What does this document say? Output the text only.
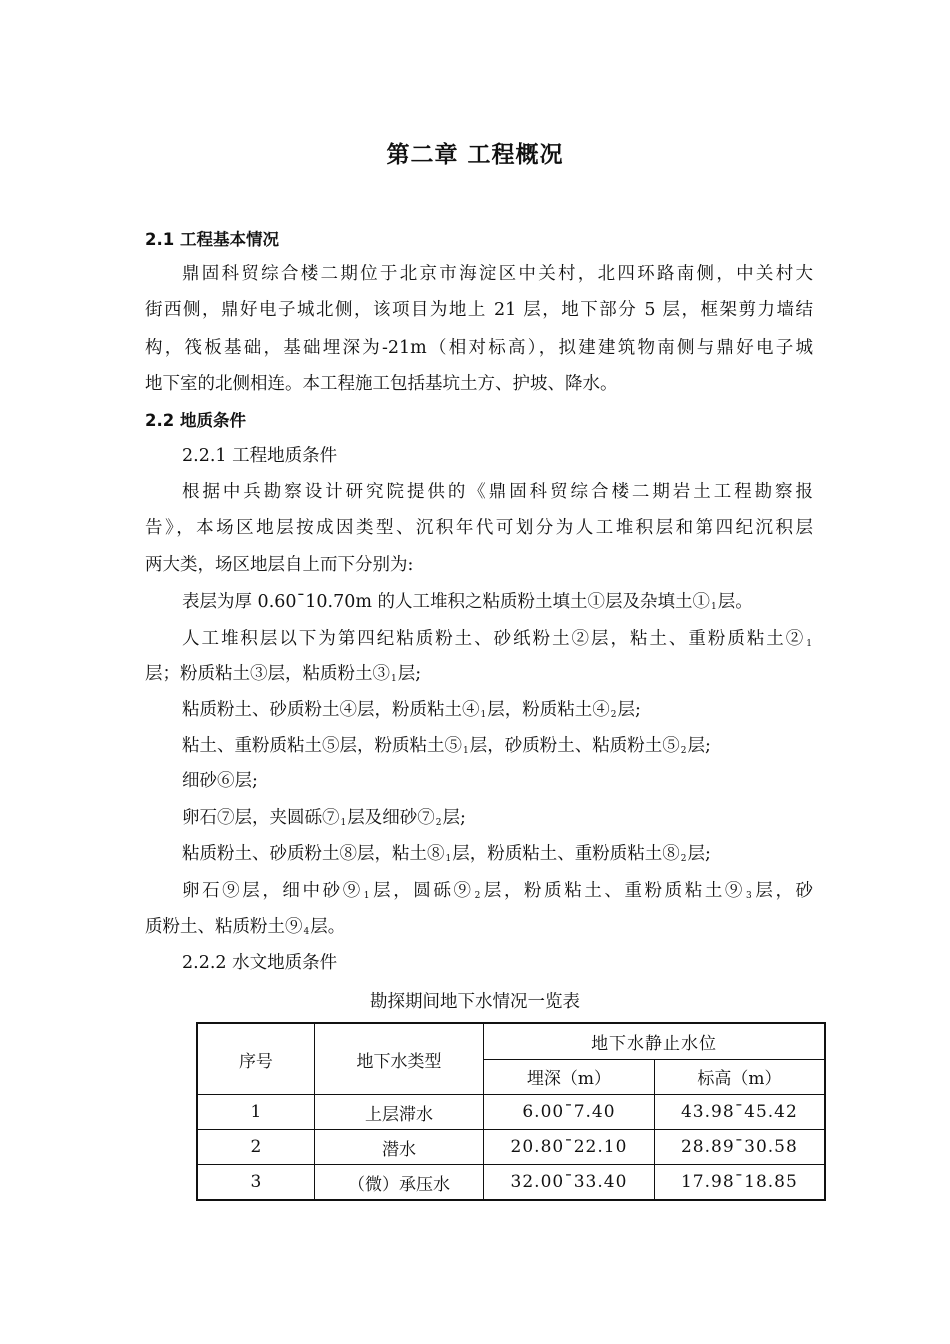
第二章 工程概况
2.1 工程基本情况
鼎固科贸综合楼二期位于北京市海淀区中关村，北四环路南侧，中关村大
街西侧，鼎好电子城北侧，该项目为地上 21 层，地下部分 5 层，框架剪力墙结
构，筏板基础，基础埋深为-21m（相对标高），拟建建筑物南侧与鼎好电子城
地下室的北侧相连。本工程施工包括基坑土方、护坡、降水。
2.2 地质条件
2.2.1 工程地质条件
根据中兵勘察设计研究院提供的《鼎固科贸综合楼二期岩土工程勘察报
告》，本场区地层按成因类型、沉积年代可划分为人工堆积层和第四纪沉积层
两大类，场区地层自上而下分别为:
表层为厚 0.60¯10.70m 的人工堆积之粘质粉土填土①层及杂填土$①_1$层。
人工堆积层以下为第四纪粘质粉土、砂纸粉土②层，粘土、重粉质粘土$②_1$
层；粉质粘土③层，粘质粉土$③_1$层;
粘质粉土、砂质粉土④层，粉质粘土$④_1$层，粉质粘土$④_2$层;
粘土、重粉质粘土⑤层，粉质粘土$⑤_1$层，砂质粉土、粘质粉土$⑤_2$层;
细砂⑥层;
卵石⑦层，夹圆砾$⑦_1$层及细砂$⑦_2$层;
粘质粉土、砂质粉土⑧层，粘土$⑧_1$层，粉质粘土、重粉质粘土$⑧_2$层;
卵石⑨层，细中砂$⑨_1$层，圆砾$⑨_2$层，粉质粘土、重粉质粘土$⑨_3$层，砂
质粉土、粘质粉土$⑨_4$层。
2.2.2 水文地质条件
勘探期间地下水情况一览表
序号	地下水类型	地下水静止水位	
		埋深（m）	标高（m）
1	上层滞水	6.00¯7.40	43.98¯45.42
2	潜水	20.80¯22.10	28.89¯30.58
3	（微）承压水	32.00¯33.40	17.98¯18.85
